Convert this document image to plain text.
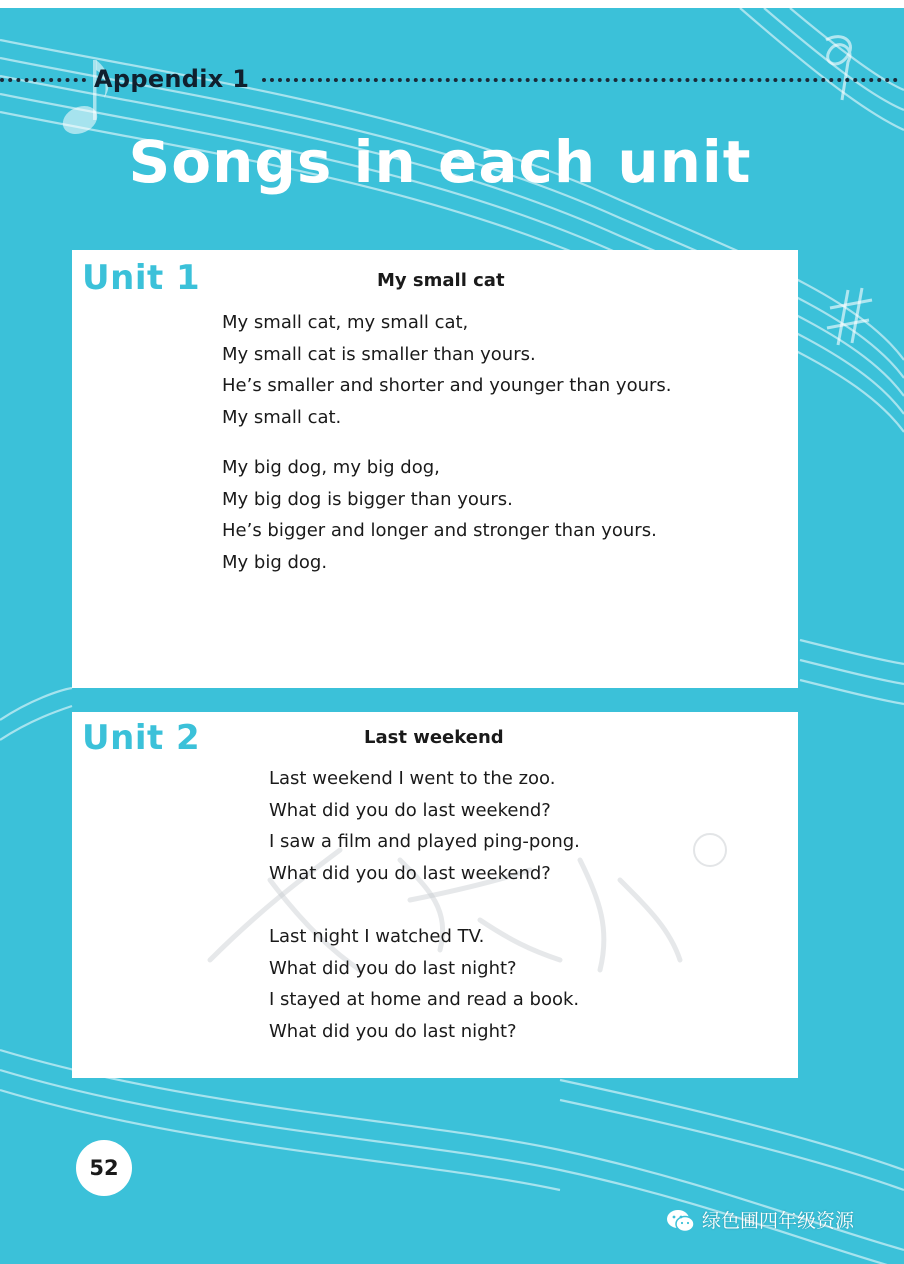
Appendix 1
Songs in each unit
Unit 1	My small cat
My small cat, my small cat,
My small cat is smaller than yours.
He’s smaller and shorter and younger than yours.
My small cat.
My big dog, my big dog,
My big dog is bigger than yours.
He’s bigger and longer and stronger than yours.
My big dog.
Unit 2	Last weekend
Last weekend I went to the zoo.
What did you do last weekend?
I saw a film and played ping-pong.
What did you do last weekend?
Last night I watched TV.
What did you do last night?
I stayed at home and read a book.
What did you do last night?
52
绿色圃四年级资源
